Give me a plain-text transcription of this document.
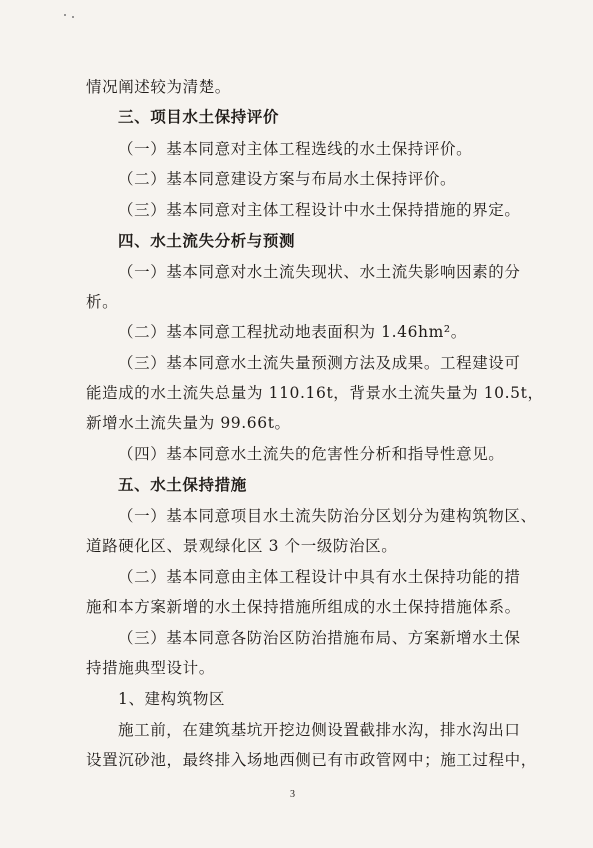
情况阐述较为清楚。
三、项目水土保持评价
（一）基本同意对主体工程选线的水土保持评价。
（二）基本同意建设方案与布局水土保持评价。
（三）基本同意对主体工程设计中水土保持措施的界定。
四、水土流失分析与预测
（一）基本同意对水土流失现状、水土流失影响因素的分
析。
（二）基本同意工程扰动地表面积为 1.46hm²。
（三）基本同意水土流失量预测方法及成果。工程建设可
能造成的水土流失总量为 110.16t，背景水土流失量为 10.5t，
新增水土流失量为 99.66t。
（四）基本同意水土流失的危害性分析和指导性意见。
五、水土保持措施
（一）基本同意项目水土流失防治分区划分为建构筑物区、
道路硬化区、景观绿化区 3 个一级防治区。
（二）基本同意由主体工程设计中具有水土保持功能的措
施和本方案新增的水土保持措施所组成的水土保持措施体系。
（三）基本同意各防治区防治措施布局、方案新增水土保
持措施典型设计。
1、建构筑物区
施工前，在建筑基坑开挖边侧设置截排水沟，排水沟出口
设置沉砂池，最终排入场地西侧已有市政管网中；施工过程中，
3
